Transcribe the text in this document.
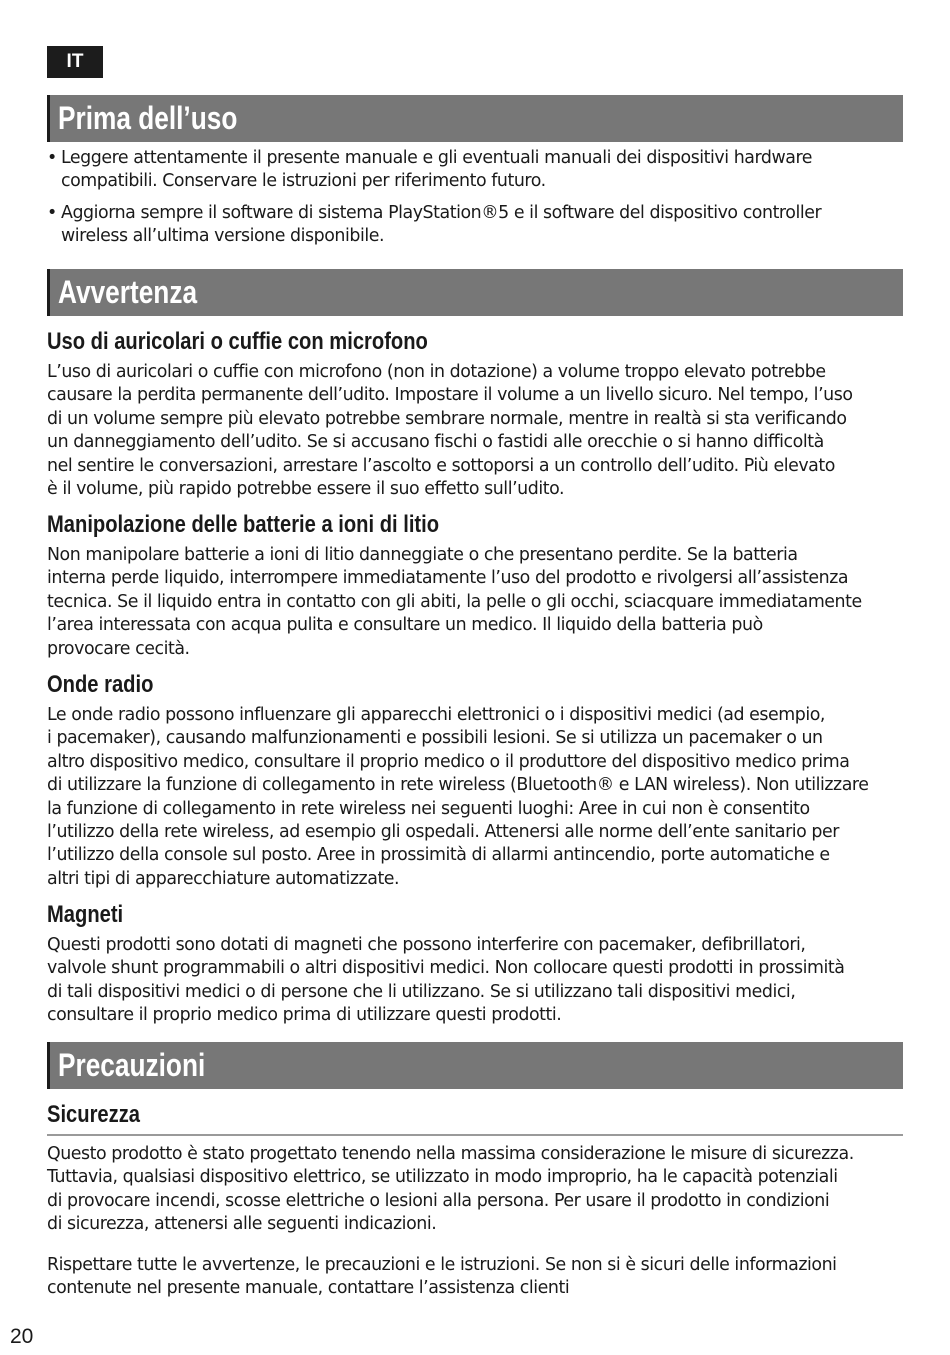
IT
Prima dell’uso
• Leggere attentamente il presente manuale e gli eventuali manuali dei dispositivi hardware
compatibili. Conservare le istruzioni per riferimento futuro.
• Aggiorna sempre il software di sistema PlayStation®5 e il software del dispositivo controller
wireless all’ultima versione disponibile.
Avvertenza
Uso di auricolari o cuffie con microfono
L’uso di auricolari o cuffie con microfono (non in dotazione) a volume troppo elevato potrebbe
causare la perdita permanente dell’udito. Impostare il volume a un livello sicuro. Nel tempo, l’uso
di un volume sempre più elevato potrebbe sembrare normale, mentre in realtà si sta verificando
un danneggiamento dell’udito. Se si accusano fischi o fastidi alle orecchie o si hanno difficoltà
nel sentire le conversazioni, arrestare l’ascolto e sottoporsi a un controllo dell’udito. Più elevato
è il volume, più rapido potrebbe essere il suo effetto sull’udito.
Manipolazione delle batterie a ioni di litio
Non manipolare batterie a ioni di litio danneggiate o che presentano perdite. Se la batteria
interna perde liquido, interrompere immediatamente l’uso del prodotto e rivolgersi all’assistenza
tecnica. Se il liquido entra in contatto con gli abiti, la pelle o gli occhi, sciacquare immediatamente
l’area interessata con acqua pulita e consultare un medico. Il liquido della batteria può
provocare cecità.
Onde radio
Le onde radio possono influenzare gli apparecchi elettronici o i dispositivi medici (ad esempio,
i pacemaker), causando malfunzionamenti e possibili lesioni. Se si utilizza un pacemaker o un
altro dispositivo medico, consultare il proprio medico o il produttore del dispositivo medico prima
di utilizzare la funzione di collegamento in rete wireless (Bluetooth® e LAN wireless). Non utilizzare
la funzione di collegamento in rete wireless nei seguenti luoghi: Aree in cui non è consentito
l’utilizzo della rete wireless, ad esempio gli ospedali. Attenersi alle norme dell’ente sanitario per
l’utilizzo della console sul posto. Aree in prossimità di allarmi antincendio, porte automatiche e
altri tipi di apparecchiature automatizzate.
Magneti
Questi prodotti sono dotati di magneti che possono interferire con pacemaker, defibrillatori,
valvole shunt programmabili o altri dispositivi medici. Non collocare questi prodotti in prossimità
di tali dispositivi medici o di persone che li utilizzano. Se si utilizzano tali dispositivi medici,
consultare il proprio medico prima di utilizzare questi prodotti.
Precauzioni
Sicurezza
Questo prodotto è stato progettato tenendo nella massima considerazione le misure di sicurezza.
Tuttavia, qualsiasi dispositivo elettrico, se utilizzato in modo improprio, ha le capacità potenziali
di provocare incendi, scosse elettriche o lesioni alla persona. Per usare il prodotto in condizioni
di sicurezza, attenersi alle seguenti indicazioni.
Rispettare tutte le avvertenze, le precauzioni e le istruzioni. Se non si è sicuri delle informazioni
contenute nel presente manuale, contattare l’assistenza clienti
20
